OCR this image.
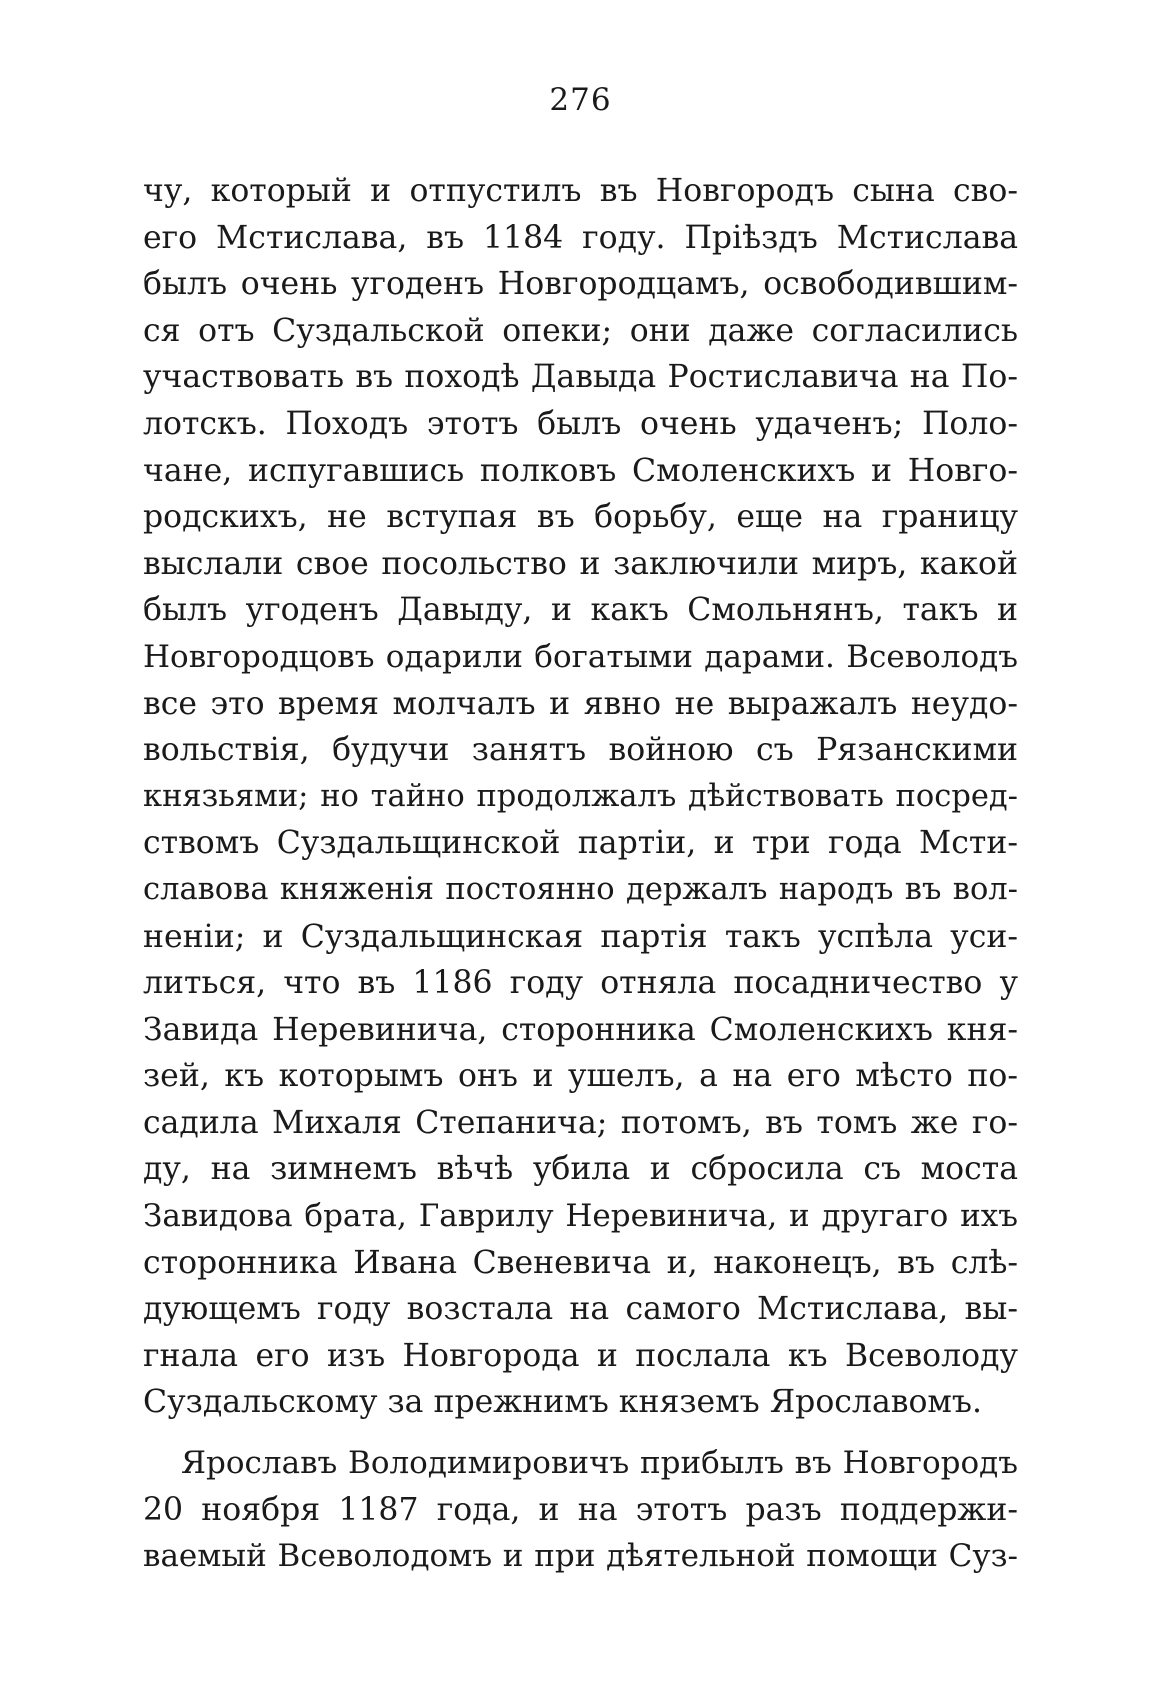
276
чу, который и отпустилъ въ Новгородъ сына сво-
его Мстислава, въ 1184 году. Пріѣздъ Мстислава
былъ очень угоденъ Новгородцамъ, освободившим-
ся отъ Суздальской опеки; они даже согласились
участвовать въ походѣ Давыда Ростиславича на По-
лотскъ. Походъ этотъ былъ очень удаченъ; Поло-
чане, испугавшись полковъ Смоленскихъ и Новго-
родскихъ, не вступая въ борьбу, еще на границу
выслали свое посольство и заключили миръ, какой
былъ угоденъ Давыду, и какъ Смольнянъ, такъ и
Новгородцовъ одарили богатыми дарами. Всеволодъ
все это время молчалъ и явно не выражалъ неудо-
вольствія, будучи занятъ войною съ Рязанскими
князьями; но тайно продолжалъ дѣйствовать посред-
ствомъ Суздальщинской партіи, и три года Мсти-
славова княженія постоянно держалъ народъ въ вол-
неніи; и Суздальщинская партія такъ успѣла уси-
литься, что въ 1186 году отняла посадничество у
Завида Неревинича, сторонника Смоленскихъ кня-
зей, къ которымъ онъ и ушелъ, а на его мѣсто по-
садила Михаля Степанича; потомъ, въ томъ же го-
ду, на зимнемъ вѣчѣ убила и сбросила съ моста
Завидова брата, Гаврилу Неревинича, и другаго ихъ
сторонника Ивана Свеневича и, наконецъ, въ слѣ-
дующемъ году возстала на самого Мстислава, вы-
гнала его изъ Новгорода и послала къ Всеволоду
Суздальскому за прежнимъ княземъ Ярославомъ.
Ярославъ Володимировичъ прибылъ въ Новгородъ
20 ноября 1187 года, и на этотъ разъ поддержи-
ваемый Всеволодомъ и при дѣятельной помощи Суз-
